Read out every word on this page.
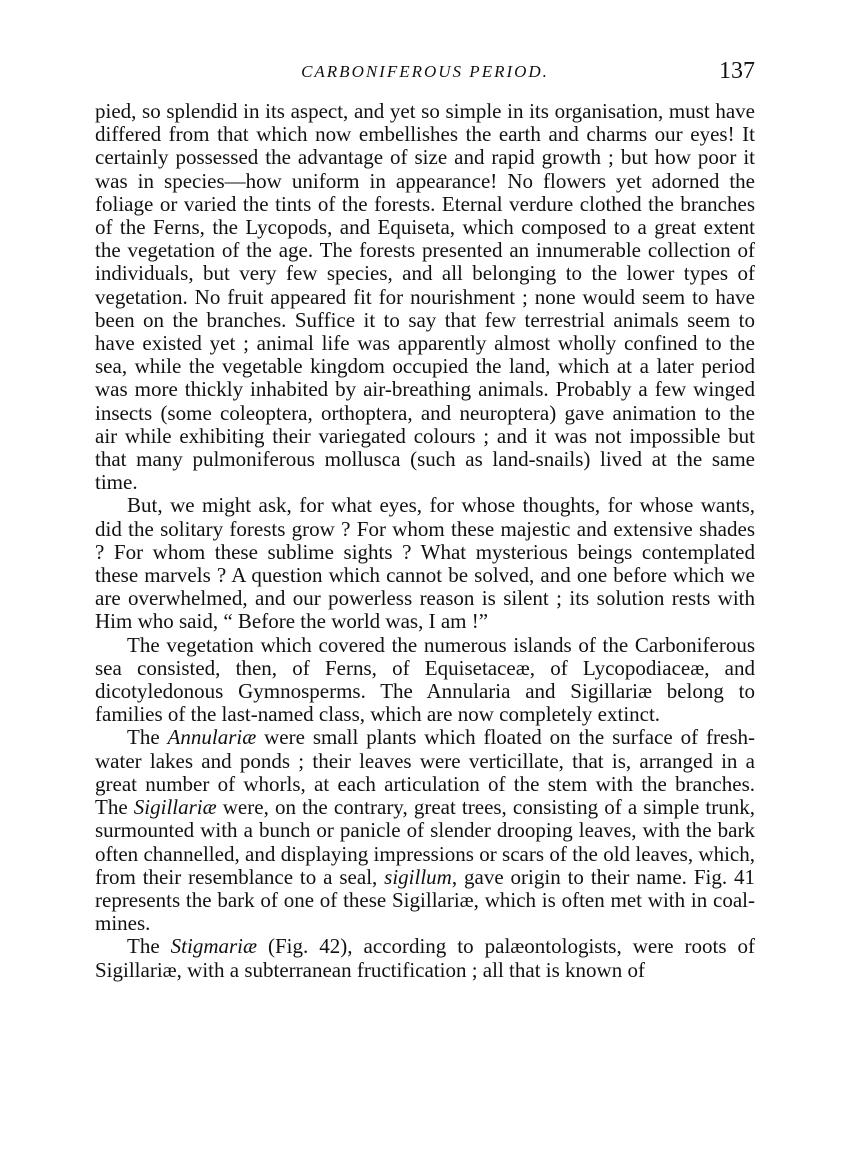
CARBONIFEROUS PERIOD.	137

pied, so splendid in its aspect, and yet so simple in its organisation, must have differed from that which now embellishes the earth and charms our eyes! It certainly possessed the advantage of size and rapid growth ; but how poor it was in species—how uniform in appearance! No flowers yet adorned the foliage or varied the tints of the forests. Eternal verdure clothed the branches of the Ferns, the Lycopods, and Equiseta, which composed to a great extent the vegetation of the age. The forests presented an innumerable collection of individuals, but very few species, and all belonging to the lower types of vegetation. No fruit appeared fit for nourishment ; none would seem to have been on the branches. Suffice it to say that few terrestrial animals seem to have existed yet ; animal life was apparently almost wholly confined to the sea, while the vegetable kingdom occupied the land, which at a later period was more thickly inhabited by air-breathing animals. Probably a few winged insects (some coleoptera, orthoptera, and neuroptera) gave animation to the air while exhibiting their variegated colours ; and it was not impossible but that many pulmoniferous mollusca (such as land-snails) lived at the same time.

But, we might ask, for what eyes, for whose thoughts, for whose wants, did the solitary forests grow ? For whom these majestic and extensive shades ? For whom these sublime sights ? What mysterious beings contemplated these marvels ? A question which cannot be solved, and one before which we are overwhelmed, and our powerless reason is silent ; its solution rests with Him who said, “ Before the world was, I am !”

The vegetation which covered the numerous islands of the Carboniferous sea consisted, then, of Ferns, of Equisetaceæ, of Lycopodiaceæ, and dicotyledonous Gymnosperms. The Annularia and Sigillariæ belong to families of the last-named class, which are now completely extinct.

The Annulariæ were small plants which floated on the surface of fresh-water lakes and ponds ; their leaves were verticillate, that is, arranged in a great number of whorls, at each articulation of the stem with the branches. The Sigillariæ were, on the contrary, great trees, consisting of a simple trunk, surmounted with a bunch or panicle of slender drooping leaves, with the bark often channelled, and displaying impressions or scars of the old leaves, which, from their resemblance to a seal, sigillum, gave origin to their name. Fig. 41 represents the bark of one of these Sigillariæ, which is often met with in coal-mines.

The Stigmariæ (Fig. 42), according to palæontologists, were roots of Sigillariæ, with a subterranean fructification ; all that is known of
